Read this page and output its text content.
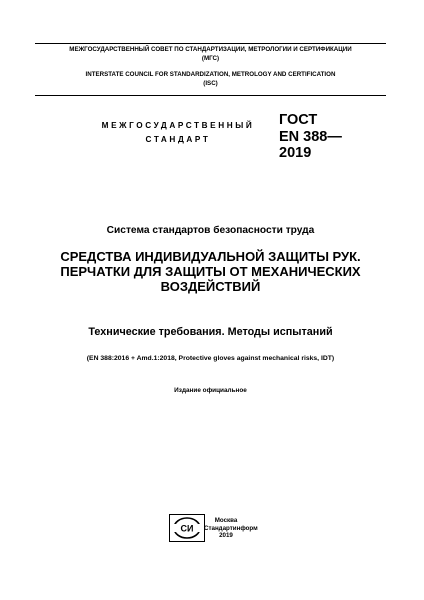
МЕЖГОСУДАРСТВЕННЫЙ СОВЕТ ПО СТАНДАРТИЗАЦИИ, МЕТРОЛОГИИ И СЕРТИФИКАЦИИ
(МГС)
INTERSTATE COUNCIL FOR STANDARDIZATION, METROLOGY AND CERTIFICATION
(ISC)
МЕЖГОСУДАРСТВЕННЫЙ
СТАНДАРТ
ГОСТ
EN 388—
2019
Система стандартов безопасности труда
СРЕДСТВА ИНДИВИДУАЛЬНОЙ ЗАЩИТЫ РУК.
ПЕРЧАТКИ ДЛЯ ЗАЩИТЫ ОТ МЕХАНИЧЕСКИХ
ВОЗДЕЙСТВИЙ
Технические требования. Методы испытаний
(EN 388:2016 + Amd.1:2018, Protective gloves against mechanical risks, IDT)
Издание официальное
СИ
Москва
Стандартинформ
2019
